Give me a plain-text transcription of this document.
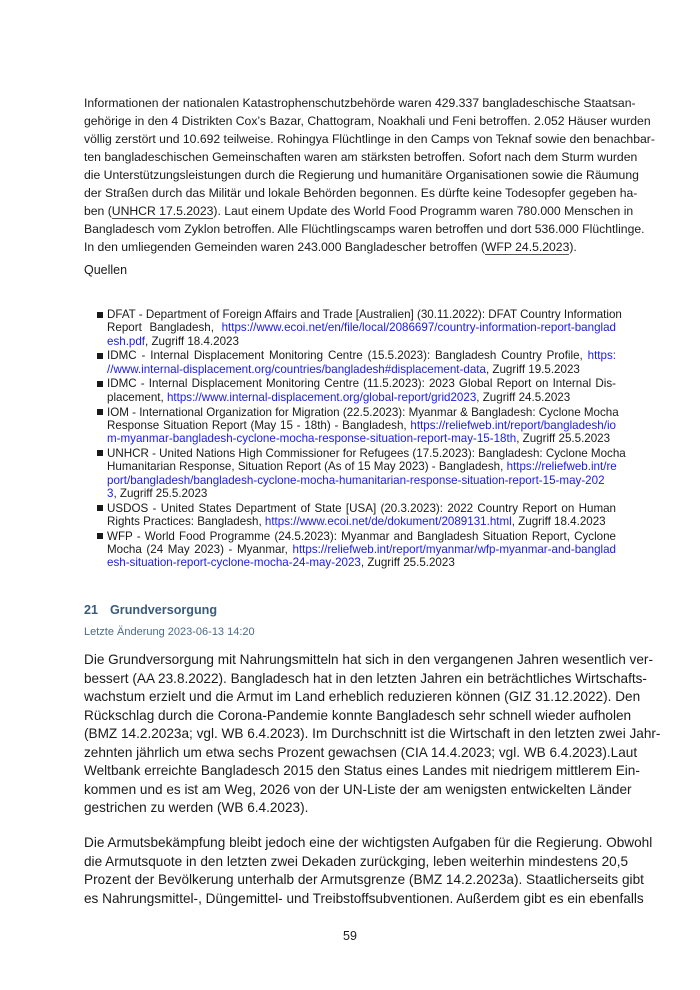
Informationen der nationalen Katastrophenschutzbehörde waren 429.337 bangladeschische Staatsan-
gehörige in den 4 Distrikten Cox’s Bazar, Chattogram, Noakhali und Feni betroffen. 2.052 Häuser wurden
völlig zerstört und 10.692 teilweise. Rohingya Flüchtlinge in den Camps von Teknaf sowie den benachbar-
ten bangladeschischen Gemeinschaften waren am stärksten betroffen. Sofort nach dem Sturm wurden
die Unterstützungsleistungen durch die Regierung und humanitäre Organisationen sowie die Räumung
der Straßen durch das Militär und lokale Behörden begonnen. Es dürfte keine Todesopfer gegeben ha-
ben (UNHCR 17.5.2023). Laut einem Update des World Food Programm waren 780.000 Menschen in
Bangladesch vom Zyklon betroffen. Alle Flüchtlingscamps waren betroffen und dort 536.000 Flüchtlinge.
In den umliegenden Gemeinden waren 243.000 Bangladescher betroffen (WFP 24.5.2023).
Quellen
DFAT - Department of Foreign Affairs and Trade [Australien] (30.11.2022): DFAT Country Information
Report Bangladesh, https://www.ecoi.net/en/file/local/2086697/country-information-report-banglad
esh.pdf, Zugriff 18.4.2023
IDMC - Internal Displacement Monitoring Centre (15.5.2023): Bangladesh Country Profile, https:
//www.internal-displacement.org/countries/bangladesh#displacement-data, Zugriff 19.5.2023
IDMC - Internal Displacement Monitoring Centre (11.5.2023): 2023 Global Report on Internal Dis-
placement, https://www.internal-displacement.org/global-report/grid2023, Zugriff 24.5.2023
IOM - International Organization for Migration (22.5.2023): Myanmar & Bangladesh: Cyclone Mocha
Response Situation Report (May 15 - 18th) - Bangladesh, https://reliefweb.int/report/bangladesh/io
m-myanmar-bangladesh-cyclone-mocha-response-situation-report-may-15-18th, Zugriff 25.5.2023
UNHCR - United Nations High Commissioner for Refugees (17.5.2023): Bangladesh: Cyclone Mocha
Humanitarian Response, Situation Report (As of 15 May 2023) - Bangladesh, https://reliefweb.int/re
port/bangladesh/bangladesh-cyclone-mocha-humanitarian-response-situation-report-15-may-202
3, Zugriff 25.5.2023
USDOS - United States Department of State [USA] (20.3.2023): 2022 Country Report on Human
Rights Practices: Bangladesh, https://www.ecoi.net/de/dokument/2089131.html, Zugriff 18.4.2023
WFP - World Food Programme (24.5.2023): Myanmar and Bangladesh Situation Report, Cyclone
Mocha (24 May 2023) - Myanmar, https://reliefweb.int/report/myanmar/wfp-myanmar-and-banglad
esh-situation-report-cyclone-mocha-24-may-2023, Zugriff 25.5.2023
21 Grundversorgung
Letzte Änderung 2023-06-13 14:20
Die Grundversorgung mit Nahrungsmitteln hat sich in den vergangenen Jahren wesentlich ver-
bessert (AA 23.8.2022). Bangladesch hat in den letzten Jahren ein beträchtliches Wirtschafts-
wachstum erzielt und die Armut im Land erheblich reduzieren können (GIZ 31.12.2022). Den
Rückschlag durch die Corona-Pandemie konnte Bangladesch sehr schnell wieder aufholen
(BMZ 14.2.2023a; vgl. WB 6.4.2023). Im Durchschnitt ist die Wirtschaft in den letzten zwei Jahr-
zehnten jährlich um etwa sechs Prozent gewachsen (CIA 14.4.2023; vgl. WB 6.4.2023).Laut
Weltbank erreichte Bangladesch 2015 den Status eines Landes mit niedrigem mittlerem Ein-
kommen und es ist am Weg, 2026 von der UN-Liste der am wenigsten entwickelten Länder
gestrichen zu werden (WB 6.4.2023).
Die Armutsbekämpfung bleibt jedoch eine der wichtigsten Aufgaben für die Regierung. Obwohl
die Armutsquote in den letzten zwei Dekaden zurückging, leben weiterhin mindestens 20,5
Prozent der Bevölkerung unterhalb der Armutsgrenze (BMZ 14.2.2023a). Staatlicherseits gibt
es Nahrungsmittel-, Düngemittel- und Treibstoffsubventionen. Außerdem gibt es ein ebenfalls
59
